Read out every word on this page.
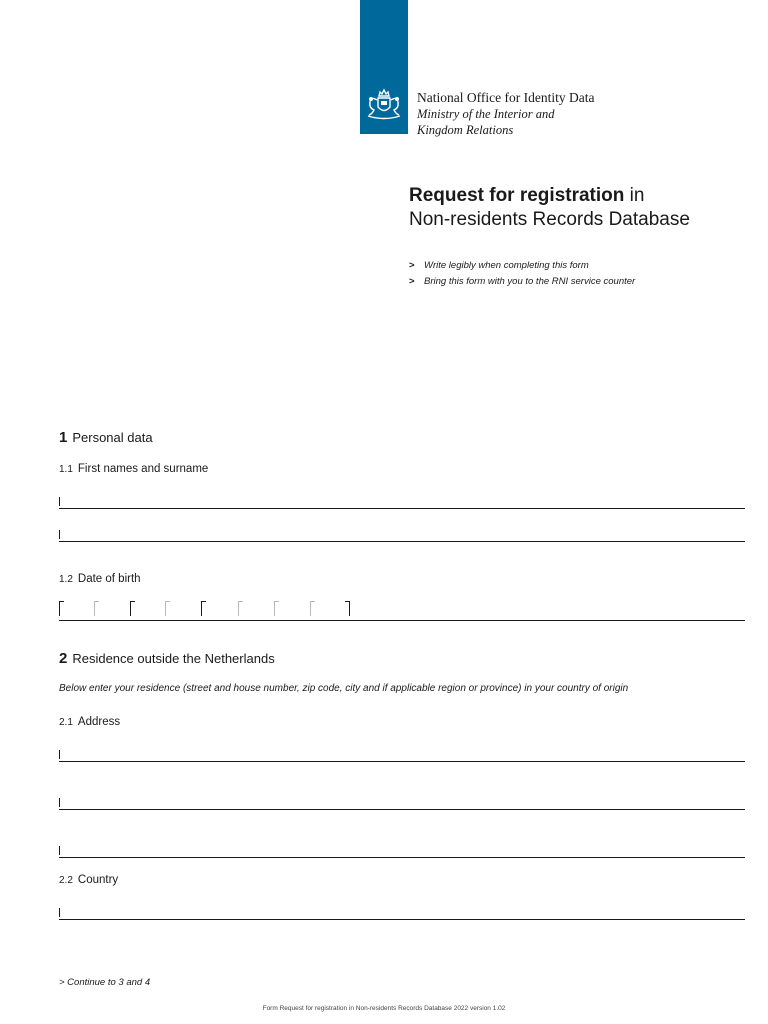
National Office for Identity Data
Ministry of the Interior and
Kingdom Relations
Request for registration in
Non-residents Records Database
> Write legibly when completing this form
> Bring this form with you to the RNI service counter
1 Personal data
1.1 First names and surname
1.2 Date of birth
2 Residence outside the Netherlands
Below enter your residence (street and house number, zip code, city and if applicable region or province) in your country of origin
2.1 Address
2.2 Country
> Continue to 3 and 4
Form Request for registration in Non-residents Records Database 2022 version 1.02
